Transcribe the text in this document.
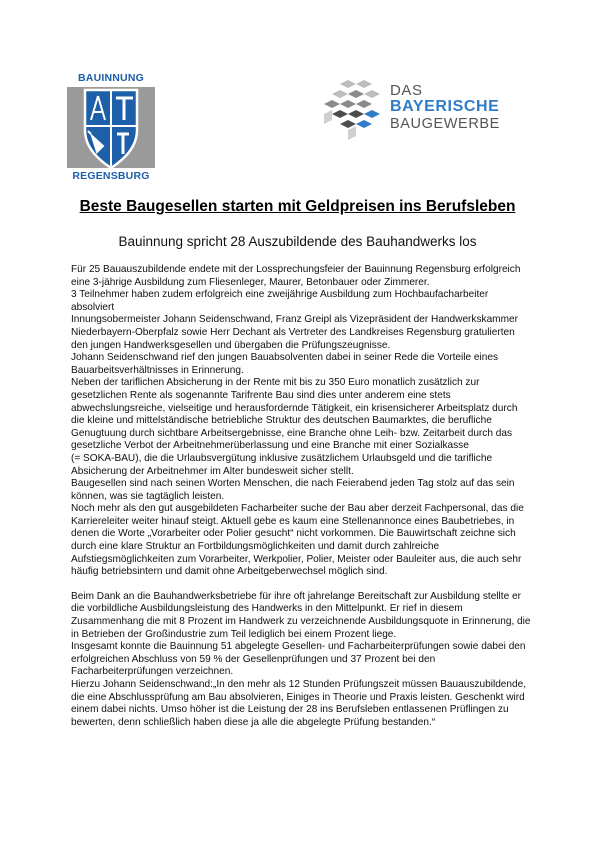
BAUINNUNG
REGENSBURG
DAS
BAYERISCHE
BAUGEWERBE
Beste Baugesellen starten mit Geldpreisen ins Berufsleben
Bauinnung spricht 28 Auszubildende des Bauhandwerks los

Für 25 Bauauszubildende endete mit der Lossprechungsfeier der Bauinnung Regensburg erfolgreich eine 3-jährige Ausbildung zum Fliesenleger, Maurer, Betonbauer oder Zimmerer.

3 Teilnehmer haben zudem erfolgreich eine zweijährige Ausbildung zum Hochbaufacharbeiter absolviert

Innungsobermeister Johann Seidenschwand, Franz Greipl als Vizepräsident der Handwerkskammer Niederbayern-Oberpfalz sowie Herr Dechant als Vertreter des Landkreises Regensburg gratulierten den jungen Handwerksgesellen und übergaben die Prüfungszeugnisse.

Johann Seidenschwand rief den jungen Bauabsolventen dabei in seiner Rede die Vorteile eines Bauarbeitsverhältnisses in Erinnerung.

Neben der tariflichen Absicherung in der Rente mit bis zu 350 Euro monatlich zusätzlich zur gesetzlichen Rente als sogenannte Tarifrente Bau sind dies unter anderem eine stets abwechslungsreiche, vielseitige und herausfordernde Tätigkeit, ein krisensicherer Arbeitsplatz durch die kleine und mittelständische betriebliche Struktur des deutschen Baumarktes, die berufliche Genugtuung durch sichtbare Arbeitsergebnisse, eine Branche ohne Leih- bzw. Zeitarbeit durch das gesetzliche Verbot der Arbeitnehmerüberlassung und eine Branche mit einer Sozialkasse

(= SOKA-BAU), die die Urlaubsvergütung inklusive zusätzlichem Urlaubsgeld und die tarifliche Absicherung der Arbeitnehmer im Alter bundesweit sicher stellt.

Baugesellen sind nach seinen Worten Menschen, die nach Feierabend jeden Tag stolz auf das sein können, was sie tagtäglich leisten.

Noch mehr als den gut ausgebildeten Facharbeiter suche der Bau aber derzeit Fachpersonal, das die Karriereleiter weiter hinauf steigt. Aktuell gebe es kaum eine Stellenannonce eines Baubetriebes, in denen die Worte „Vorarbeiter oder Polier gesucht“ nicht vorkommen. Die Bauwirtschaft zeichne sich durch eine klare Struktur an Fortbildungsmöglichkeiten und damit durch zahlreiche Aufstiegsmöglichkeiten zum Vorarbeiter, Werkpolier, Polier, Meister oder Bauleiter aus, die auch sehr häufig betriebsintern und damit ohne Arbeitgeberwechsel möglich sind.

Beim Dank an die Bauhandwerksbetriebe für ihre oft jahrelange Bereitschaft zur Ausbildung stellte er die vorbildliche Ausbildungsleistung des Handwerks in den Mittelpunkt. Er rief in diesem Zusammenhang die mit 8 Prozent im Handwerk zu verzeichnende Ausbildungsquote in Erinnerung, die in Betrieben der Großindustrie zum Teil lediglich bei einem Prozent liege.

Insgesamt konnte die Bauinnung 51 abgelegte Gesellen- und Facharbeiterprüfungen sowie dabei den erfolgreichen Abschluss von 59 % der Gesellenprüfungen und 37 Prozent bei den Facharbeiterprüfungen verzeichnen.

Hierzu Johann Seidenschwand:„In den mehr als 12 Stunden Prüfungszeit müssen Bauauszubildende, die eine Abschlussprüfung am Bau absolvieren, Einiges in Theorie und Praxis leisten. Geschenkt wird einem dabei nichts. Umso höher ist die Leistung der 28 ins Berufsleben entlassenen Prüflingen zu bewerten, denn schließlich haben diese ja alle die abgelegte Prüfung bestanden.“
